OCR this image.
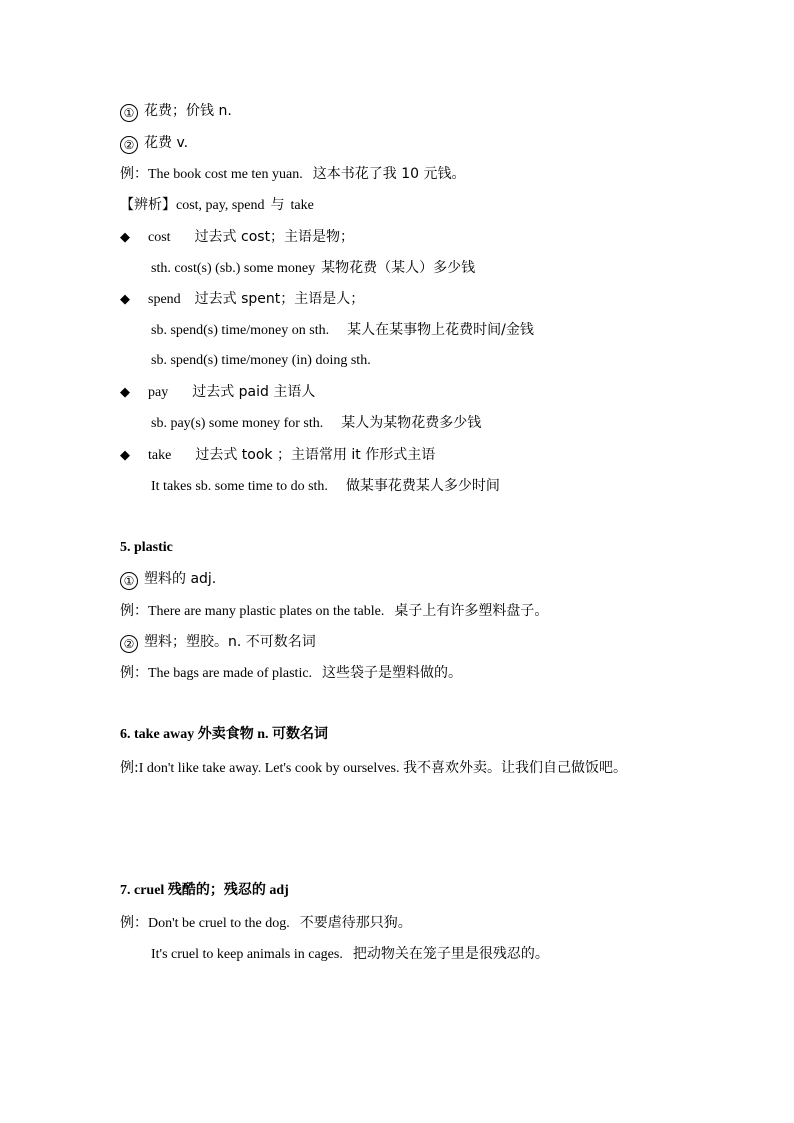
① 花费；价钱 n.
② 花费 v.
例：The book cost me ten yuan. 这本书花了我 10 元钱。
【辨析】cost, pay, spend 与 take
◆ cost 过去式 cost；主语是物；
sth. cost(s) (sb.) some money 某物花费（某人）多少钱
◆ spend 过去式 spent；主语是人；
sb. spend(s) time/money on sth. 某人在某事物上花费时间/金钱
sb. spend(s) time/money (in) doing sth.
◆ pay 过去式 paid 主语人
sb. pay(s) some money for sth. 某人为某物花费多少钱
◆ take 过去式 took ；主语常用 it 作形式主语
It takes sb. some time to do sth. 做某事花费某人多少时间
5. plastic
① 塑料的 adj.
例：There are many plastic plates on the table. 桌子上有许多塑料盘子。
② 塑料；塑胶。n. 不可数名词
例：The bags are made of plastic. 这些袋子是塑料做的。
6. take away 外卖食物 n. 可数名词
例:I don't like take away. Let's cook by ourselves. 我不喜欢外卖。让我们自己做饭吧。
7. cruel 残酷的；残忍的 adj
例：Don't be cruel to the dog. 不要虐待那只狗。
It's cruel to keep animals in cages. 把动物关在笼子里是很残忍的。
